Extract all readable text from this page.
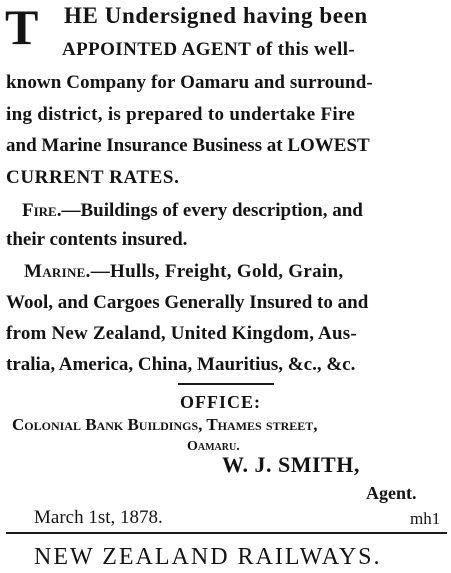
T HE Undersigned having been
APPOINTED AGENT of this well-
known Company for Oamaru and surround-
ing district, is prepared to undertake Fire
and Marine Insurance Business at LOWEST
CURRENT RATES.
Fire.—Buildings of every description, and
their contents insured.
Marine.—Hulls, Freight, Gold, Grain,
Wool, and Cargoes Generally Insured to and
from New Zealand, United Kingdom, Aus-
tralia, America, China, Mauritius, &c., &c.
OFFICE:
Colonial Bank Buildings, Thames street,
Oamaru.
W. J. SMITH,
Agent.
March 1st, 1878.	mh1
NEW ZEALAND RAILWAYS.
